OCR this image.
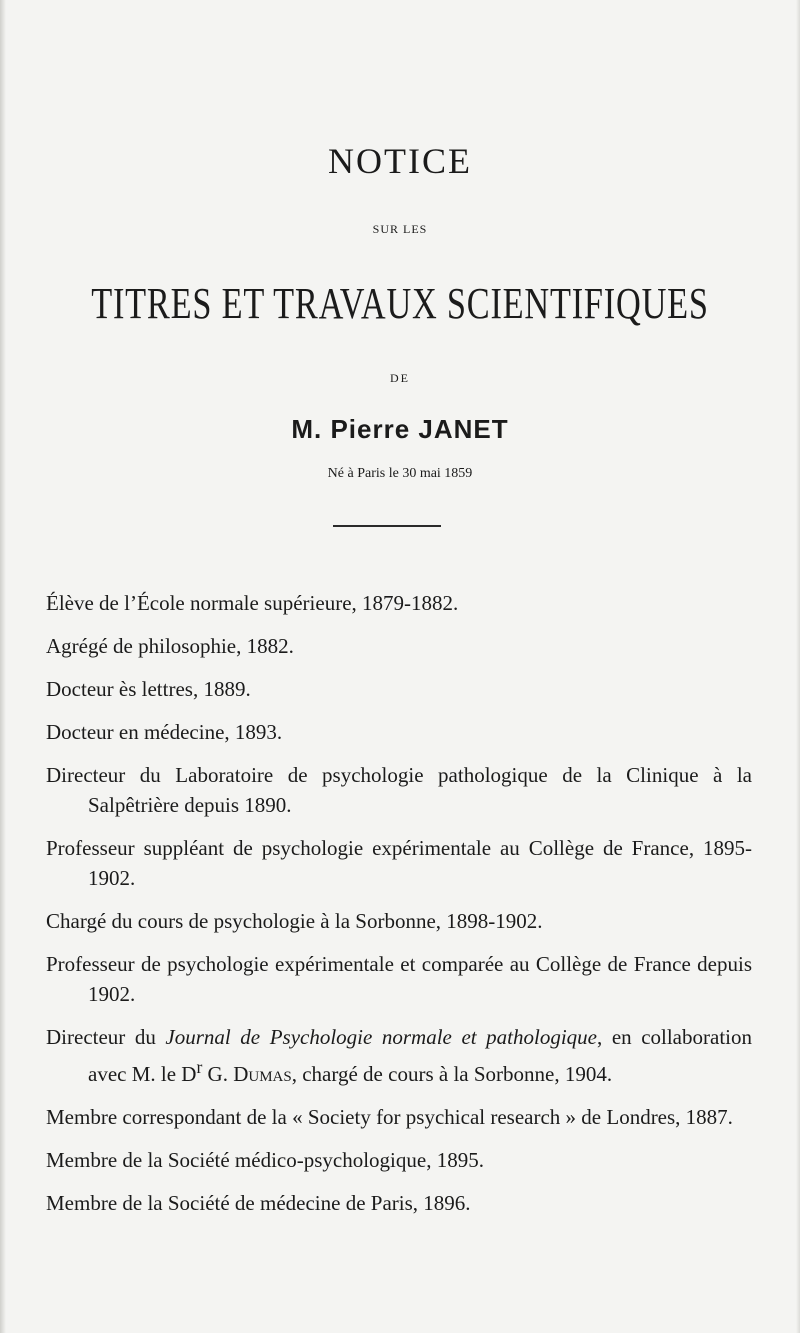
NOTICE
SUR LES
TITRES ET TRAVAUX SCIENTIFIQUES
DE
M. Pierre JANET
Né à Paris le 30 mai 1859
Élève de l’École normale supérieure, 1879-1882.
Agrégé de philosophie, 1882.
Docteur ès lettres, 1889.
Docteur en médecine, 1893.
Directeur du Laboratoire de psychologie pathologique de la Clinique à la Salpêtrière depuis 1890.
Professeur suppléant de psychologie expérimentale au Collège de France, 1895-1902.
Chargé du cours de psychologie à la Sorbonne, 1898-1902.
Professeur de psychologie expérimentale et comparée au Collège de France depuis 1902.
Directeur du Journal de Psychologie normale et pathologique, en collaboration avec M. le $D^r$ G. Dumas, chargé de cours à la Sorbonne, 1904.
Membre correspondant de la « Society for psychical research » de Londres, 1887.
Membre de la Société médico-psychologique, 1895.
Membre de la Société de médecine de Paris, 1896.
